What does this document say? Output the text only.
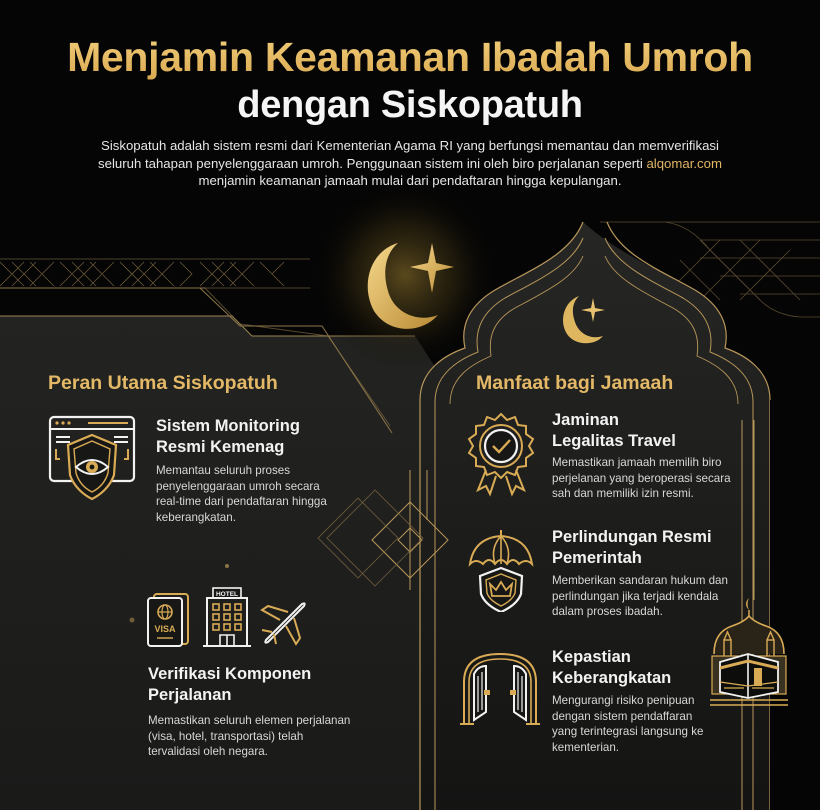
Menjamin Keamanan Ibadah Umroh
dengan Siskopatuh
Siskopatuh adalah sistem resmi dari Kementerian Agama RI yang berfungsi memantau dan memverifikasi seluruh tahapan penyelenggaraan umroh. Penggunaan sistem ini oleh biro perjalanan seperti alqomar.com menjamin keamanan jamaah mulai dari pendaftaran hingga kepulangan.
Peran Utama Siskopatuh	Manfaat bagi Jamaah
Sistem Monitoring
Resmi Kemenag
Memantau seluruh proses
penyelenggaraan umroh secara
real-time dari pendaftaran hingga
keberangkatan.
VISA
HOTEL
Verifikasi Komponen
Perjalanan
Memastikan seluruh elemen perjalanan
(visa, hotel, transportasi) telah
tervalidasi oleh negara.
Jaminan
Legalitas Travel
Memastikan jamaah memilih biro
perjelanan yang beroperasi secara
sah dan memiliki izin resmi.
Perlindungan Resmi
Pemerintah
Memberikan sandaran hukum dan
perlindungan jika terjadi kendala
dalam proses ibadah.
Kepastian
Keberangkatan
Mengurangi risiko penipuan
dengan sistem pendaffaran
yang terintegrasi langsung ke
kementerian.
